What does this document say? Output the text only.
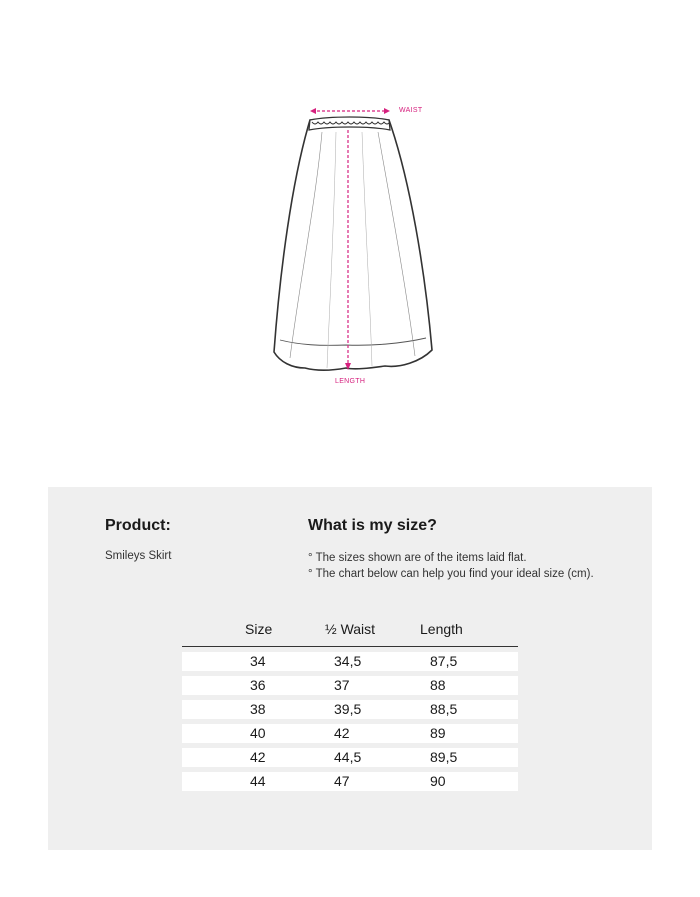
WAIST
LENGTH
Product:
Smileys Skirt
What is my size?
° The sizes shown are of the items laid flat.
° The chart below can help you find your ideal size (cm).
Size	½ Waist	Length
34	34,5	87,5
36	37	88
38	39,5	88,5
40	42	89
42	44,5	89,5
44	47	90
